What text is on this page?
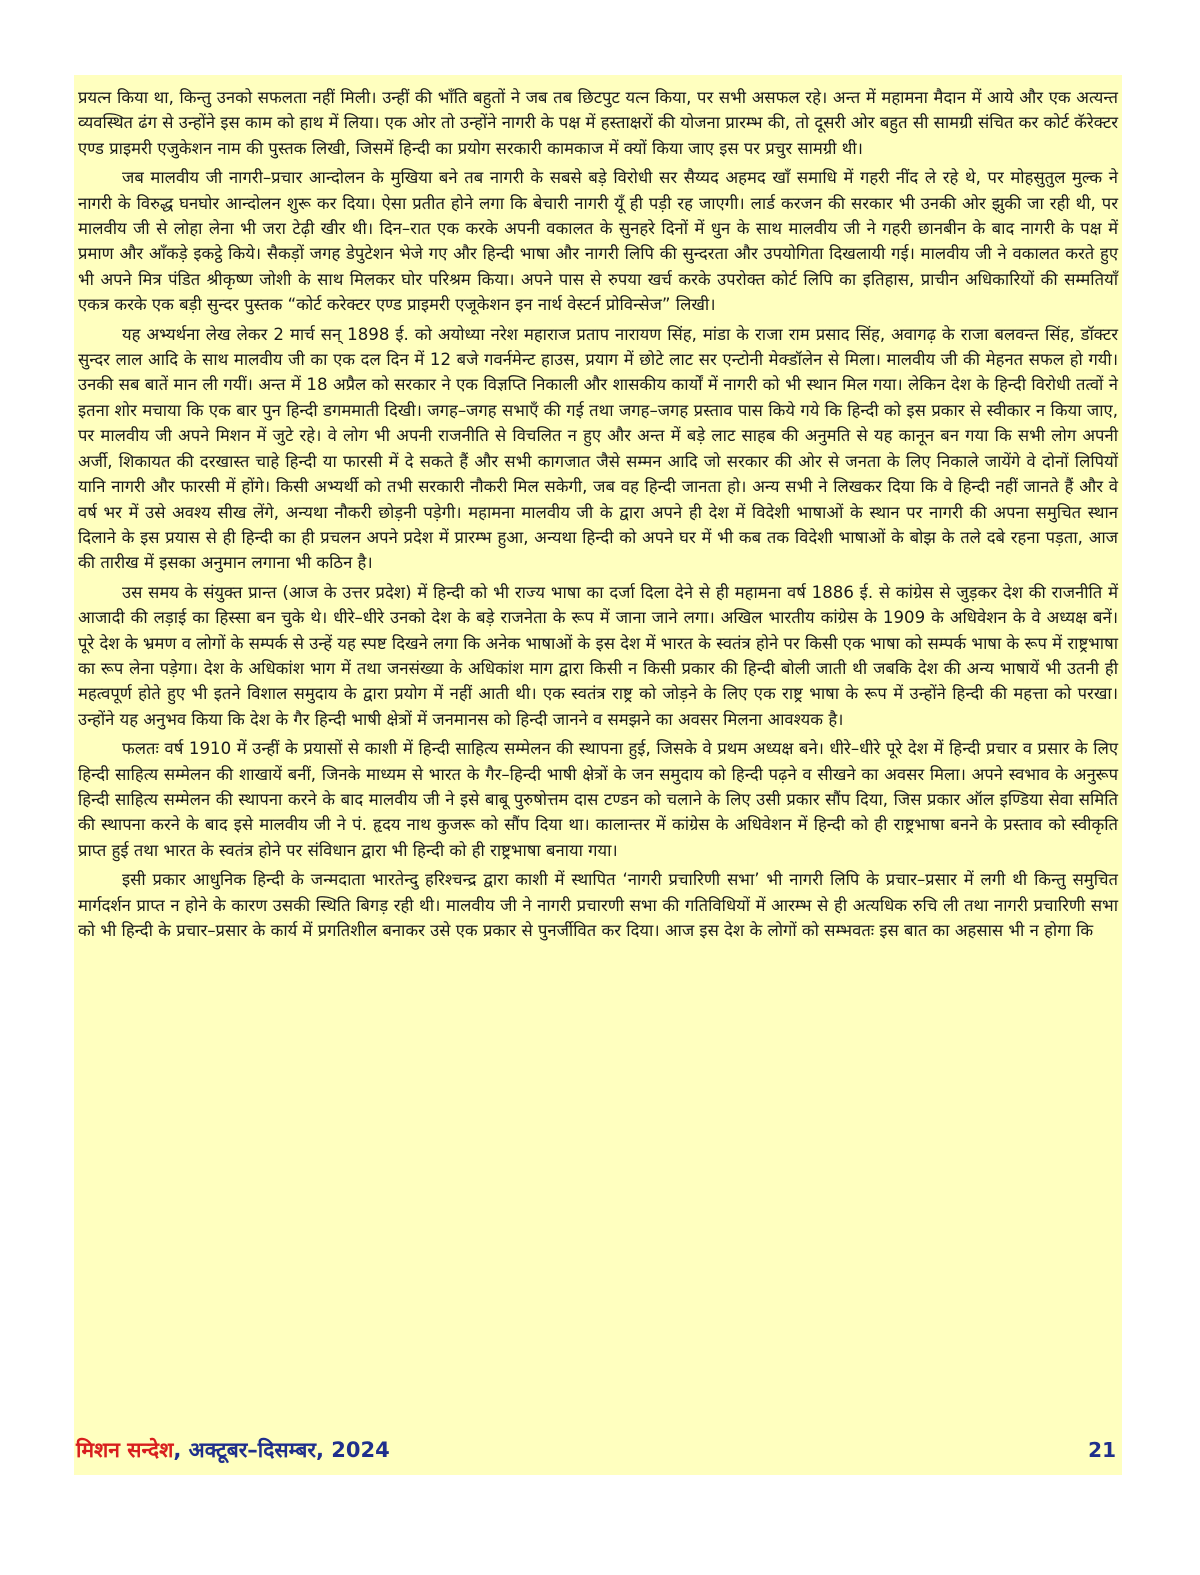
प्रयत्न किया था, किन्तु उनको सफलता नहीं मिली। उन्हीं की भाँति बहुतों ने जब तब छिटपुट यत्न किया, पर सभी असफल रहे। अन्त में महामना मैदान में आये और एक अत्यन्त व्यवस्थित ढंग से उन्होंने इस काम को हाथ में लिया। एक ओर तो उन्होंने नागरी के पक्ष में हस्ताक्षरों की योजना प्रारम्भ की, तो दूसरी ओर बहुत सी सामग्री संचित कर कोर्ट कॅरेक्टर एण्ड प्राइमरी एजुकेशन नाम की पुस्तक लिखी, जिसमें हिन्दी का प्रयोग सरकारी कामकाज में क्यों किया जाए इस पर प्रचुर सामग्री थी।

जब मालवीय जी नागरी–प्रचार आन्दोलन के मुखिया बने तब नागरी के सबसे बड़े विरोधी सर सैय्यद अहमद खाँ समाधि में गहरी नींद ले रहे थे, पर मोहसुतुल मुल्क ने नागरी के विरुद्ध घनघोर आन्दोलन शुरू कर दिया। ऐसा प्रतीत होने लगा कि बेचारी नागरी यूँ ही पड़ी रह जाएगी। लार्ड करजन की सरकार भी उनकी ओर झुकी जा रही थी, पर मालवीय जी से लोहा लेना भी जरा टेढ़ी खीर थी। दिन–रात एक करके अपनी वकालत के सुनहरे दिनों में धुन के साथ मालवीय जी ने गहरी छानबीन के बाद नागरी के पक्ष में प्रमाण और आँकड़े इकट्ठे किये। सैकड़ों जगह डेपुटेशन भेजे गए और हिन्दी भाषा और नागरी लिपि की सुन्दरता और उपयोगिता दिखलायी गई। मालवीय जी ने वकालत करते हुए भी अपने मित्र पंडित श्रीकृष्ण जोशी के साथ मिलकर घोर परिश्रम किया। अपने पास से रुपया खर्च करके उपरोक्त कोर्ट लिपि का इतिहास, प्राचीन अधिकारियों की सम्मतियाँ एकत्र करके एक बड़ी सुन्दर पुस्तक “कोर्ट करेक्टर एण्ड प्राइमरी एजूकेशन इन नार्थ वेस्टर्न प्रोविन्सेज” लिखी।

यह अभ्यर्थना लेख लेकर 2 मार्च सन् 1898 ई. को अयोध्या नरेश महाराज प्रताप नारायण सिंह, मांडा के राजा राम प्रसाद सिंह, अवागढ़ के राजा बलवन्त सिंह, डॉक्टर सुन्दर लाल आदि के साथ मालवीय जी का एक दल दिन में 12 बजे गवर्नमेन्ट हाउस, प्रयाग में छोटे लाट सर एन्टोनी मेक्डॉलेन से मिला। मालवीय जी की मेहनत सफल हो गयी। उनकी सब बातें मान ली गयीं। अन्त में 18 अप्रैल को सरकार ने एक विज्ञप्ति निकाली और शासकीय कार्यों में नागरी को भी स्थान मिल गया। लेकिन देश के हिन्दी विरोधी तत्वों ने इतना शोर मचाया कि एक बार पुन हिन्दी डगममाती दिखी। जगह–जगह सभाएँ की गई तथा जगह–जगह प्रस्ताव पास किये गये कि हिन्दी को इस प्रकार से स्वीकार न किया जाए, पर मालवीय जी अपने मिशन में जुटे रहे। वे लोग भी अपनी राजनीति से विचलित न हुए और अन्त में बड़े लाट साहब की अनुमति से यह कानून बन गया कि सभी लोग अपनी अर्जी, शिकायत की दरखास्त चाहे हिन्दी या फारसी में दे सकते हैं और सभी कागजात जैसे सम्मन आदि जो सरकार की ओर से जनता के लिए निकाले जायेंगे वे दोनों लिपियों यानि नागरी और फारसी में होंगे। किसी अभ्यर्थी को तभी सरकारी नौकरी मिल सकेगी, जब वह हिन्दी जानता हो। अन्य सभी ने लिखकर दिया कि वे हिन्दी नहीं जानते हैं और वे वर्ष भर में उसे अवश्य सीख लेंगे, अन्यथा नौकरी छोड़नी पड़ेगी। महामना मालवीय जी के द्वारा अपने ही देश में विदेशी भाषाओं के स्थान पर नागरी की अपना समुचित स्थान दिलाने के इस प्रयास से ही हिन्दी का ही प्रचलन अपने प्रदेश में प्रारम्भ हुआ, अन्यथा हिन्दी को अपने घर में भी कब तक विदेशी भाषाओं के बोझ के तले दबे रहना पड़ता, आज की तारीख में इसका अनुमान लगाना भी कठिन है।

उस समय के संयुक्त प्रान्त (आज के उत्तर प्रदेश) में हिन्दी को भी राज्य भाषा का दर्जा दिला देने से ही महामना वर्ष 1886 ई. से कांग्रेस से जुड़कर देश की राजनीति में आजादी की लड़ाई का हिस्सा बन चुके थे। धीरे–धीरे उनको देश के बड़े राजनेता के रूप में जाना जाने लगा। अखिल भारतीय कांग्रेस के 1909 के अधिवेशन के वे अध्यक्ष बनें। पूरे देश के भ्रमण व लोगों के सम्पर्क से उन्हें यह स्पष्ट दिखने लगा कि अनेक भाषाओं के इस देश में भारत के स्वतंत्र होने पर किसी एक भाषा को सम्पर्क भाषा के रूप में राष्ट्रभाषा का रूप लेना पड़ेगा। देश के अधिकांश भाग में तथा जनसंख्या के अधिकांश माग द्वारा किसी न किसी प्रकार की हिन्दी बोली जाती थी जबकि देश की अन्य भाषायें भी उतनी ही महत्वपूर्ण होते हुए भी इतने विशाल समुदाय के द्वारा प्रयोग में नहीं आती थी। एक स्वतंत्र राष्ट्र को जोड़ने के लिए एक राष्ट्र भाषा के रूप में उन्होंने हिन्दी की महत्ता को परखा। उन्होंने यह अनुभव किया कि देश के गैर हिन्दी भाषी क्षेत्रों में जनमानस को हिन्दी जानने व समझने का अवसर मिलना आवश्यक है।

फलतः वर्ष 1910 में उन्हीं के प्रयासों से काशी में हिन्दी साहित्य सम्मेलन की स्थापना हुई, जिसके वे प्रथम अध्यक्ष बने। धीरे–धीरे पूरे देश में हिन्दी प्रचार व प्रसार के लिए हिन्दी साहित्य सम्मेलन की शाखायें बनीं, जिनके माध्यम से भारत के गैर–हिन्दी भाषी क्षेत्रों के जन समुदाय को हिन्दी पढ़ने व सीखने का अवसर मिला। अपने स्वभाव के अनुरूप हिन्दी साहित्य सम्मेलन की स्थापना करने के बाद मालवीय जी ने इसे बाबू पुरुषोत्तम दास टण्डन को चलाने के लिए उसी प्रकार सौंप दिया, जिस प्रकार ऑल इण्डिया सेवा समिति की स्थापना करने के बाद इसे मालवीय जी ने पं. हृदय नाथ कुजरू को सौंप दिया था। कालान्तर में कांग्रेस के अधिवेशन में हिन्दी को ही राष्ट्रभाषा बनने के प्रस्ताव को स्वीकृति प्राप्त हुई तथा भारत के स्वतंत्र होने पर संविधान द्वारा भी हिन्दी को ही राष्ट्रभाषा बनाया गया।

इसी प्रकार आधुनिक हिन्दी के जन्मदाता भारतेन्दु हरिश्चन्द्र द्वारा काशी में स्थापित ‘नागरी प्रचारिणी सभा’ भी नागरी लिपि के प्रचार–प्रसार में लगी थी किन्तु समुचित मार्गदर्शन प्राप्त न होने के कारण उसकी स्थिति बिगड़ रही थी। मालवीय जी ने नागरी प्रचारणी सभा की गतिविधियों में आरम्भ से ही अत्यधिक रुचि ली तथा नागरी प्रचारिणी सभा को भी हिन्दी के प्रचार–प्रसार के कार्य में प्रगतिशील बनाकर उसे एक प्रकार से पुनर्जीवित कर दिया। आज इस देश के लोगों को सम्भवतः इस बात का अहसास भी न होगा कि

मिशन सन्देश, अक्टूबर–दिसम्बर, 2024	21
